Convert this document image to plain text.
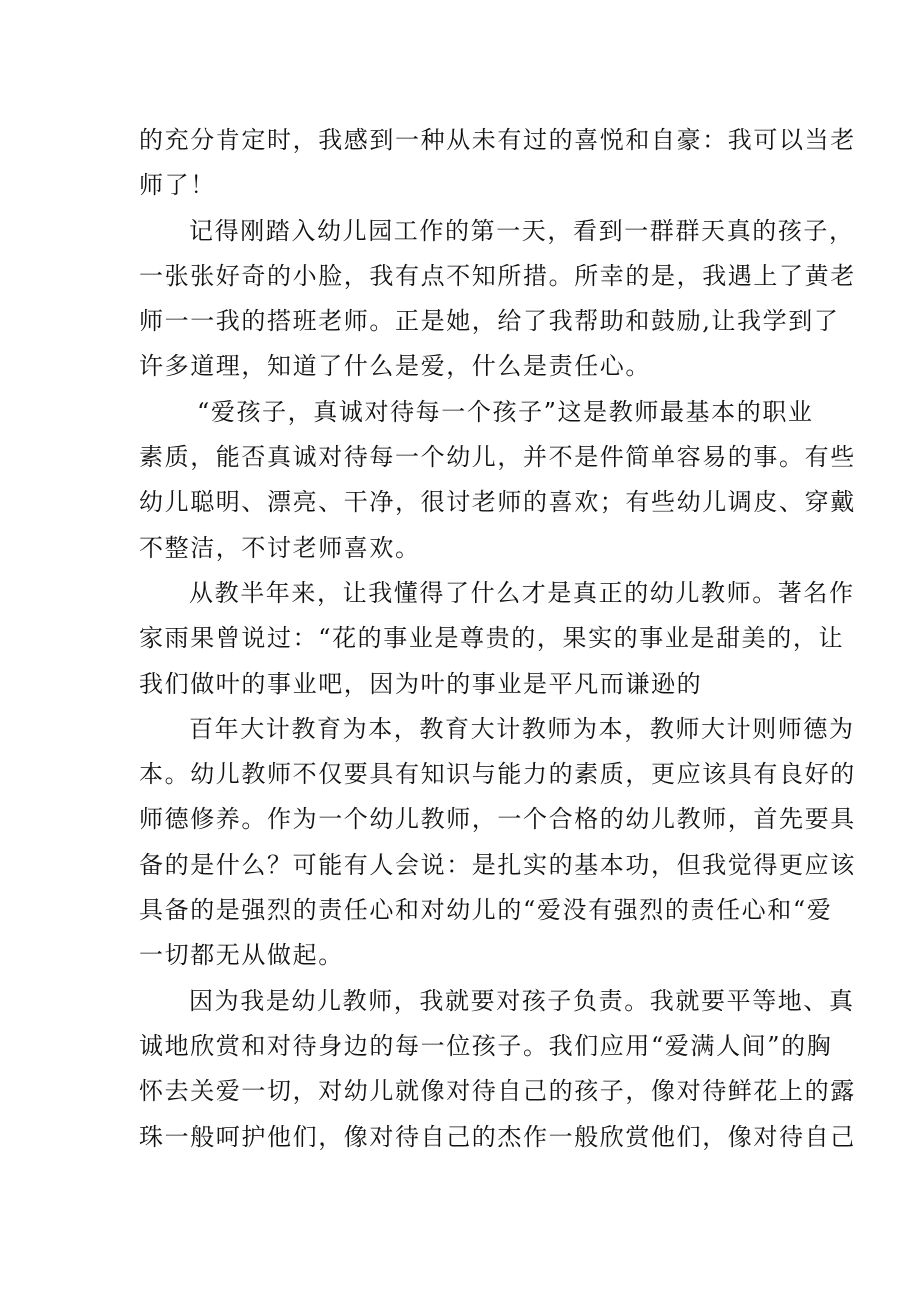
的充分肯定时，我感到一种从未有过的喜悦和自豪：我可以当老
师了！
记得刚踏入幼儿园工作的第一天，看到一群群天真的孩子，
一张张好奇的小脸，我有点不知所措。所幸的是，我遇上了黄老
师一一我的搭班老师。正是她，给了我帮助和鼓励,让我学到了
许多道理，知道了什么是爱，什么是责任心。
“爱孩子，真诚对待每一个孩子”这是教师最基本的职业
素质，能否真诚对待每一个幼儿，并不是件简单容易的事。有些
幼儿聪明、漂亮、干净，很讨老师的喜欢；有些幼儿调皮、穿戴
不整洁，不讨老师喜欢。
从教半年来，让我懂得了什么才是真正的幼儿教师。著名作
家雨果曾说过：“花的事业是尊贵的，果实的事业是甜美的，让
我们做叶的事业吧，因为叶的事业是平凡而谦逊的
百年大计教育为本，教育大计教师为本，教师大计则师德为
本。幼儿教师不仅要具有知识与能力的素质，更应该具有良好的
师德修养。作为一个幼儿教师，一个合格的幼儿教师，首先要具
备的是什么？可能有人会说：是扎实的基本功，但我觉得更应该
具备的是强烈的责任心和对幼儿的“爱没有强烈的责任心和“爱
一切都无从做起。
因为我是幼儿教师，我就要对孩子负责。我就要平等地、真
诚地欣赏和对待身边的每一位孩子。我们应用“爱满人间”的胸
怀去关爱一切，对幼儿就像对待自己的孩子，像对待鲜花上的露
珠一般呵护他们，像对待自己的杰作一般欣赏他们，像对待自己
